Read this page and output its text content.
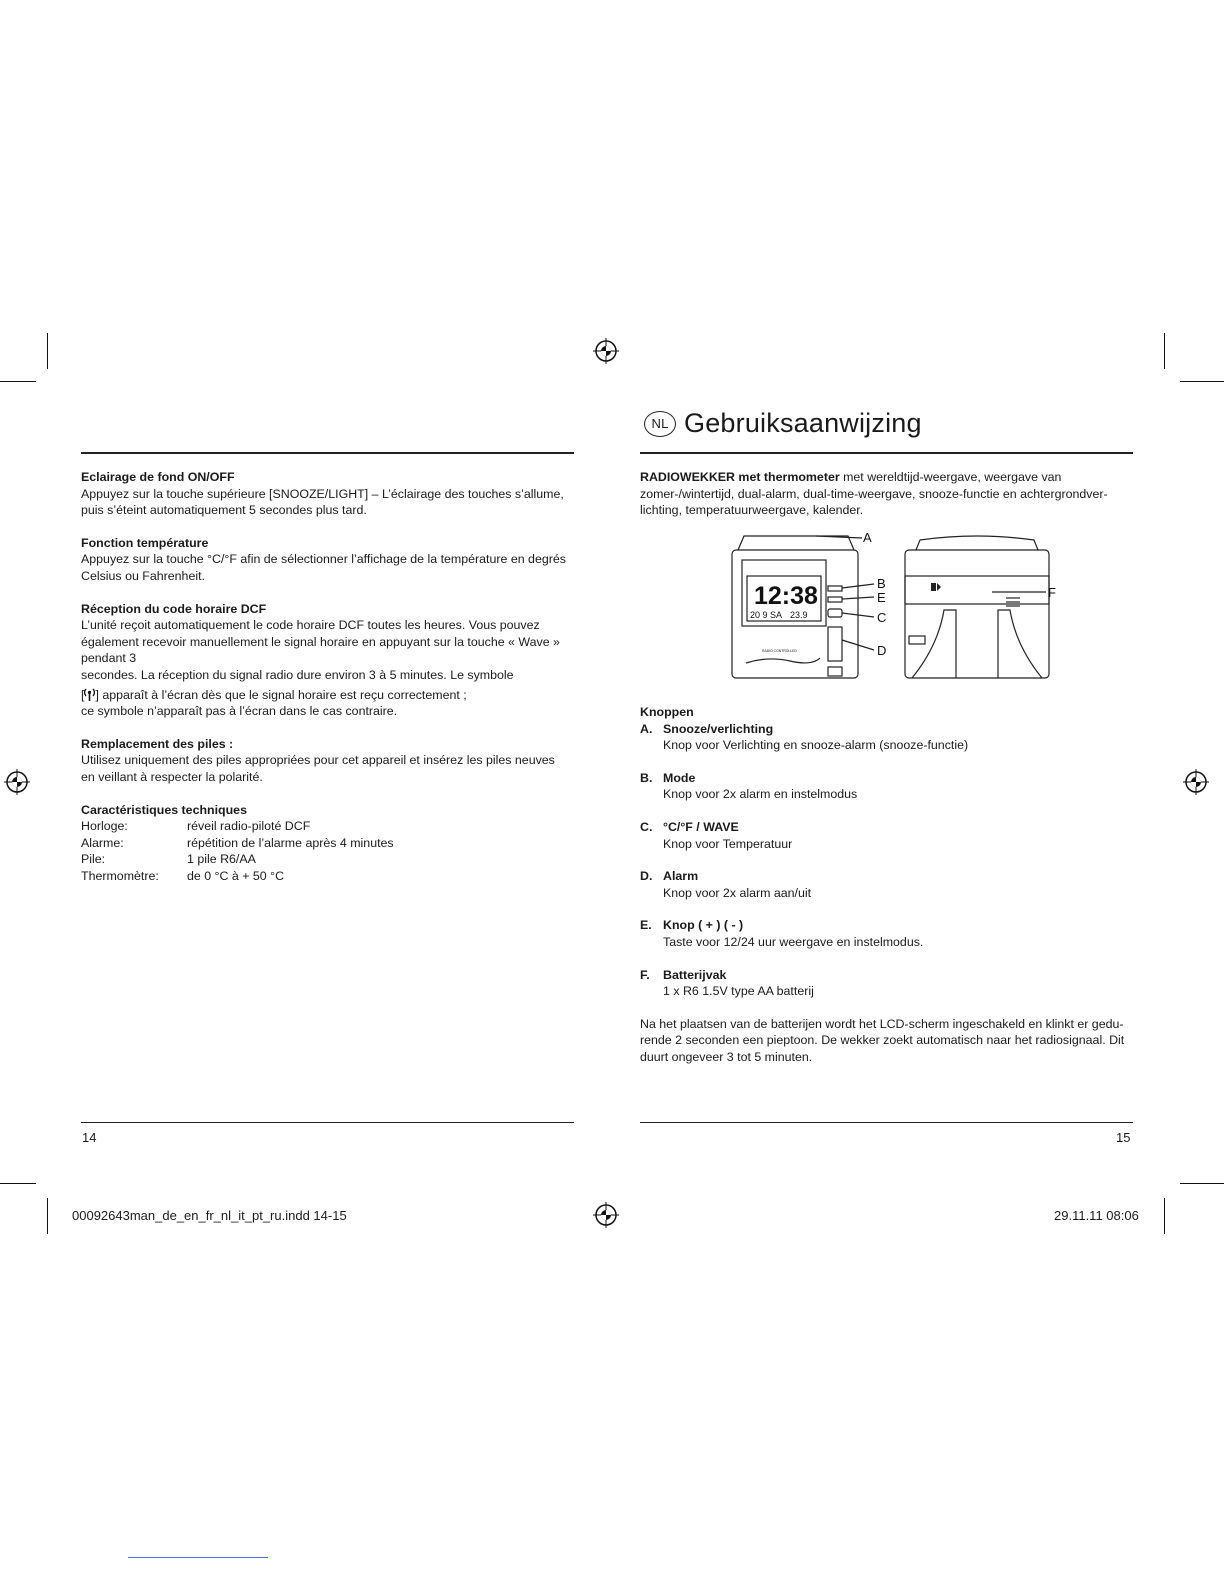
Eclairage de fond ON/OFF

Appuyez sur la touche supérieure [SNOOZE/LIGHT] – L’éclairage des touches s’allume,

puis s’éteint automatiquement 5 secondes plus tard.

Fonction température

Appuyez sur la touche °C/°F afin de sélectionner l’affichage de la température en degrés

Celsius ou Fahrenheit.

Réception du code horaire DCF

L’unité reçoit automatiquement le code horaire DCF toutes les heures. Vous pouvez

également recevoir manuellement le signal horaire en appuyant sur la touche « Wave »

pendant 3

secondes. La réception du signal radio dure environ 3 à 5 minutes. Le symbole

[ ] apparaît à l’écran dès que le signal horaire est reçu correctement ;

ce symbole n’apparaît pas à l’écran dans le cas contraire.

Remplacement des piles :

Utilisez uniquement des piles appropriées pour cet appareil et insérez les piles neuves

en veillant à respecter la polarité.

Caractéristiques techniques

Horloge:	réveil radio-piloté DCF
Alarme:	répétition de l’alarme après 4 minutes
Pile:	1 pile R6/AA
Thermomètre:	de 0 °C à + 50 °C
14
NL Gebruiksaanwijzing

RADIOWEKKER met thermometer met wereldtijd-weergave, weergave van

zomer-/wintertijd, dual-alarm, dual-time-weergave, snooze-functie en achtergrondver-

lichting, temperatuurweergave, kalender.

12:38
20 9 SA 23.9
RADIO CONTROLLED
A
B
E
C
D
F

Knoppen

A. Snooze/verlichting

Knop voor Verlichting en snooze-alarm (snooze-functie)

B. Mode

Knop voor 2x alarm en instelmodus

C. °C/°F / WAVE

Knop voor Temperatuur

D. Alarm

Knop voor 2x alarm aan/uit

E. Knop ( + ) ( - )

Taste voor 12/24 uur weergave en instelmodus.

F.	Batterijvak

1 x R6 1.5V type AA batterij

Na het plaatsen van de batterijen wordt het LCD-scherm ingeschakeld en klinkt er gedu-

rende 2 seconden een pieptoon. De wekker zoekt automatisch naar het radiosignaal. Dit

duurt ongeveer 3 tot 5 minuten.

15
00092643man_de_en_fr_nl_it_pt_ru.indd 14-15	29.11.11 08:06
